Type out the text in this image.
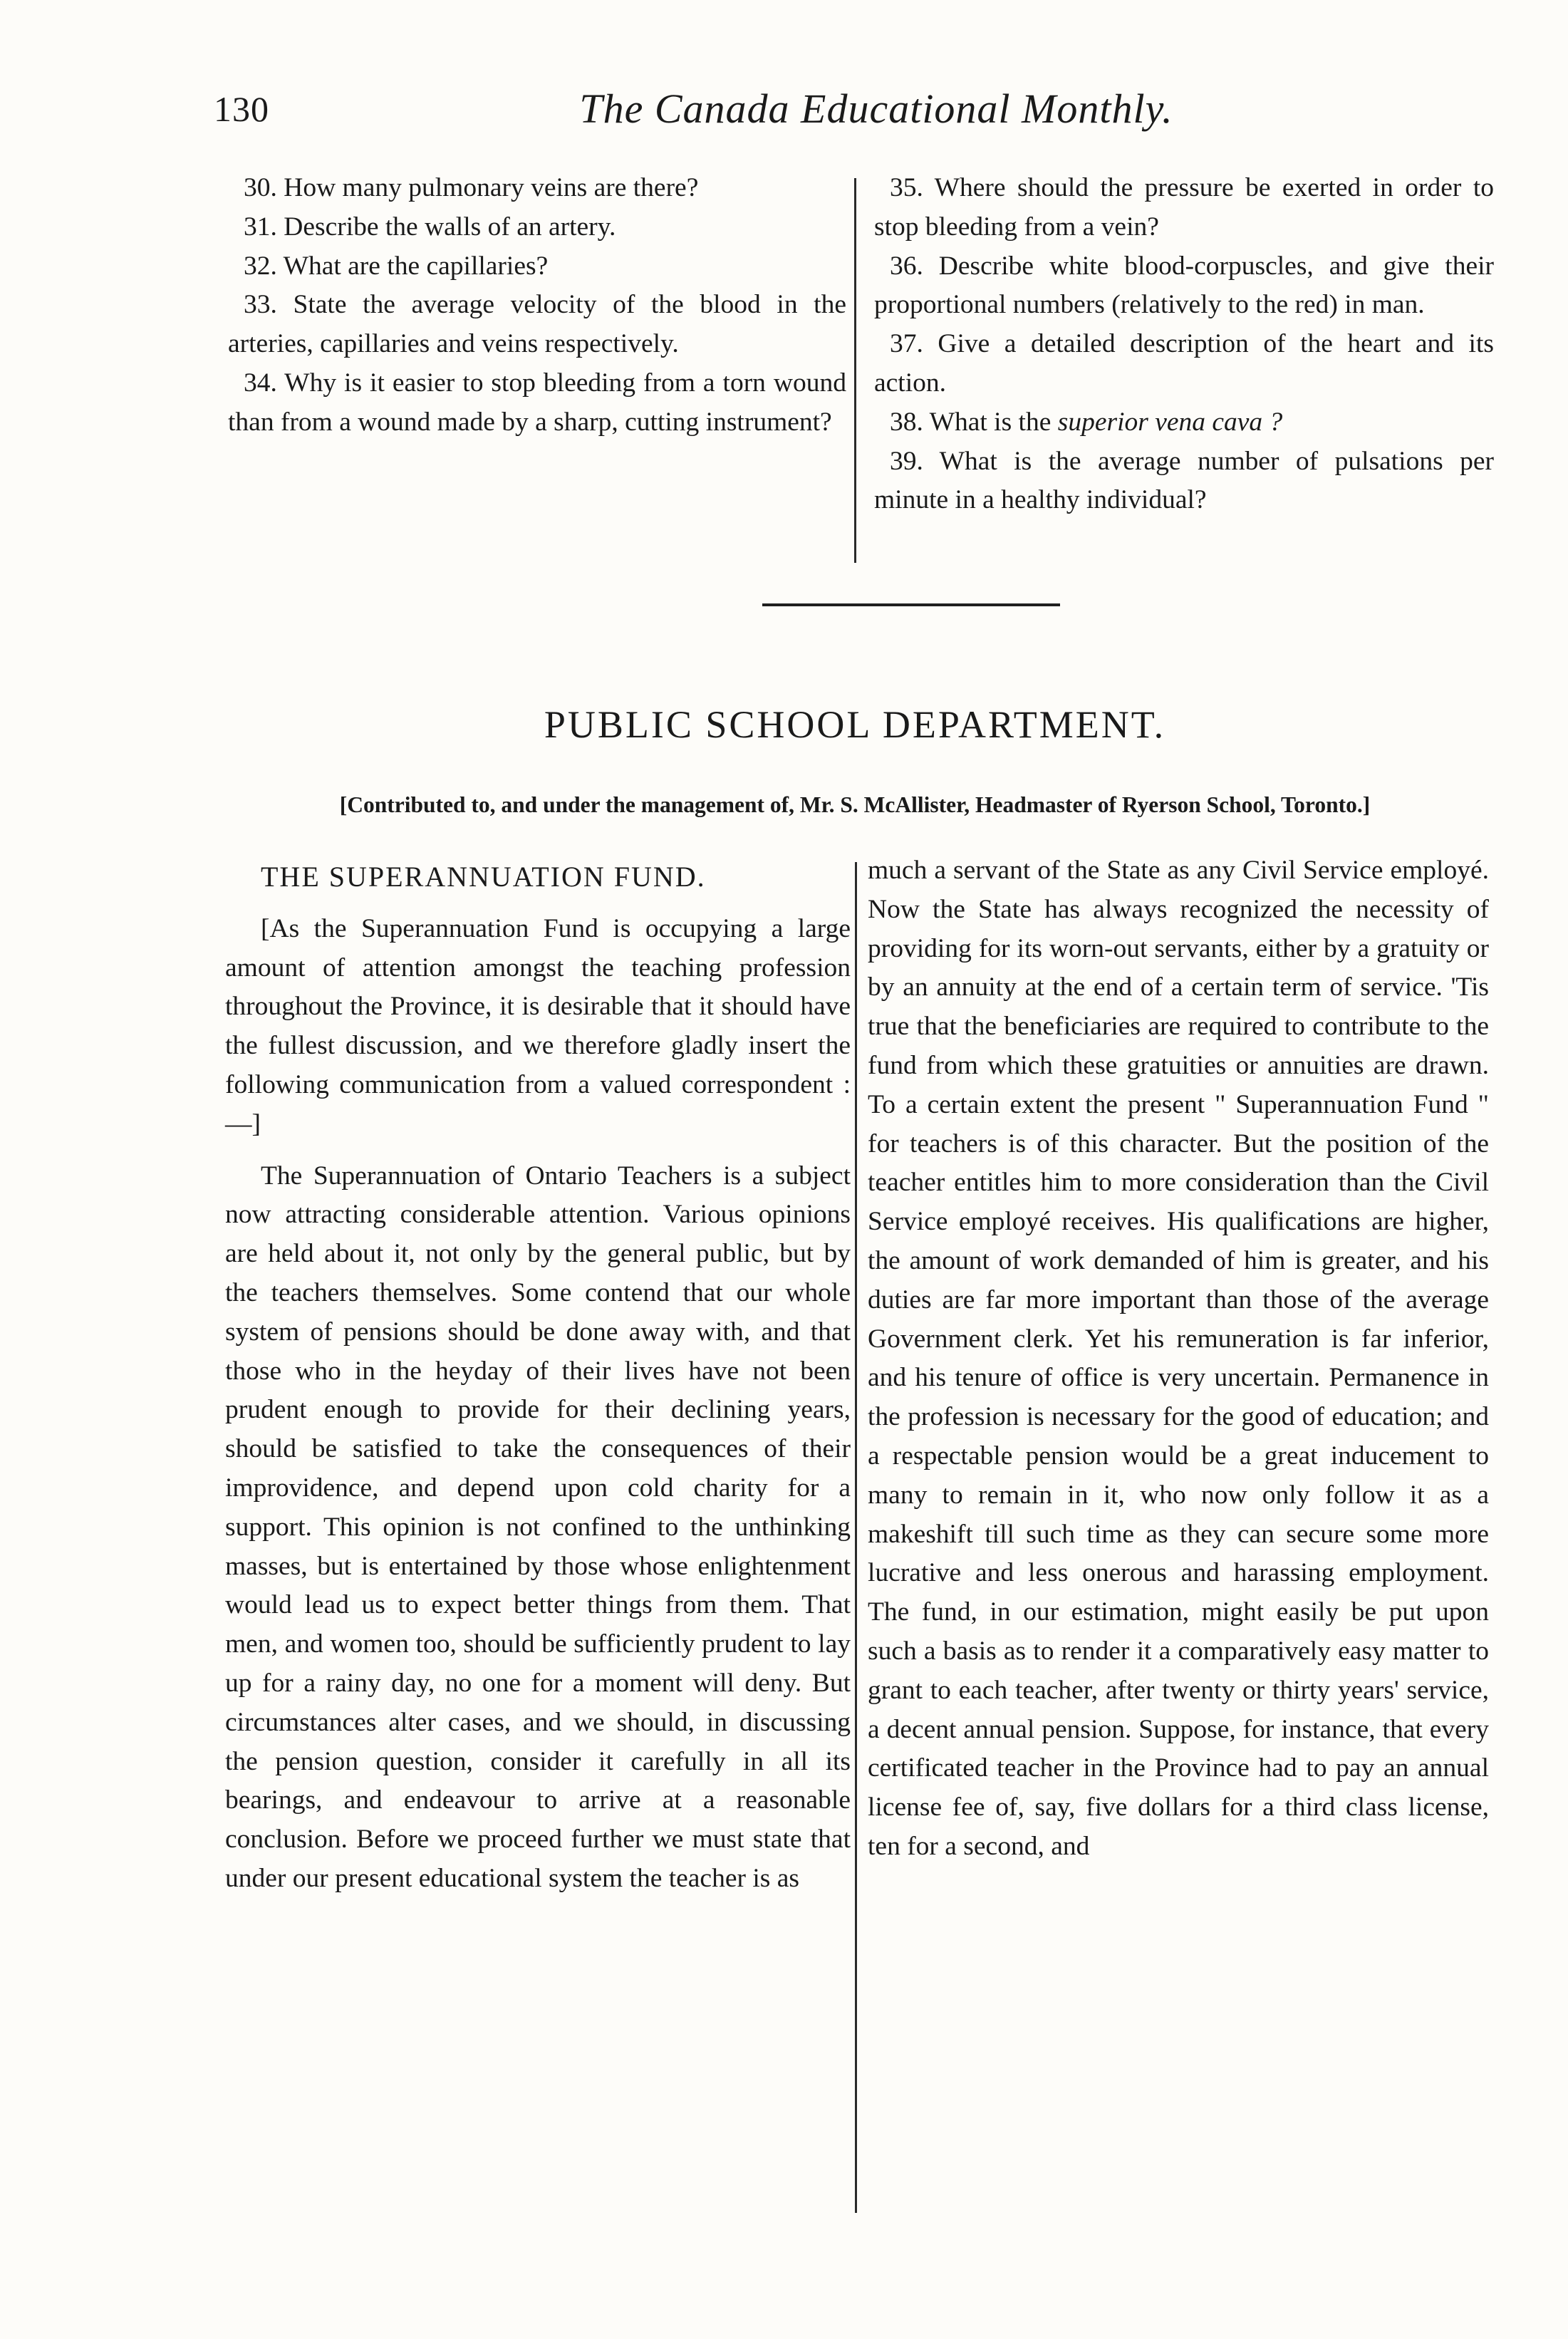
130	The Canada Educational Monthly.

30. How many pulmonary veins are there?

31. Describe the walls of an artery.

32. What are the capillaries?

33. State the average velocity of the blood in the arteries, capillaries and veins respectively.

34. Why is it easier to stop bleeding from a torn wound than from a wound made by a sharp, cutting instrument?

35. Where should the pressure be exerted in order to stop bleeding from a vein?

36. Describe white blood-corpuscles, and give their proportional numbers (relatively to the red) in man.

37. Give a detailed description of the heart and its action.

38. What is the superior vena cava ?

39. What is the average number of pulsations per minute in a healthy individual?

PUBLIC SCHOOL DEPARTMENT.
[Contributed to, and under the management of, Mr. S. McAllister, Headmaster of Ryerson School, Toronto.]

THE SUPERANNUATION FUND.

[As the Superannuation Fund is occupying a large amount of attention amongst the teaching profession throughout the Province, it is desirable that it should have the fullest discussion, and we therefore gladly insert the following communication from a valued correspondent :—]

The Superannuation of Ontario Teachers is a subject now attracting considerable attention. Various opinions are held about it, not only by the general public, but by the teachers themselves. Some contend that our whole system of pensions should be done away with, and that those who in the heyday of their lives have not been prudent enough to provide for their declining years, should be satisfied to take the consequences of their improvidence, and depend upon cold charity for a support. This opinion is not confined to the unthinking masses, but is entertained by those whose enlightenment would lead us to expect better things from them. That men, and women too, should be sufficiently prudent to lay up for a rainy day, no one for a moment will deny. But circumstances alter cases, and we should, in discussing the pension question, consider it carefully in all its bearings, and endeavour to arrive at a reasonable conclusion. Before we proceed further we must state that under our present educational system the teacher is as

much a servant of the State as any Civil Service employé. Now the State has always recognized the necessity of providing for its worn-out servants, either by a gratuity or by an annuity at the end of a certain term of service. 'Tis true that the beneficiaries are required to contribute to the fund from which these gratuities or annuities are drawn. To a certain extent the present " Superannuation Fund " for teachers is of this character. But the position of the teacher entitles him to more consideration than the Civil Service employé receives. His qualifications are higher, the amount of work demanded of him is greater, and his duties are far more important than those of the average Government clerk. Yet his remuneration is far inferior, and his tenure of office is very uncertain. Permanence in the profession is necessary for the good of education; and a respectable pension would be a great inducement to many to remain in it, who now only follow it as a makeshift till such time as they can secure some more lucrative and less onerous and harassing employment. The fund, in our estimation, might easily be put upon such a basis as to render it a comparatively easy matter to grant to each teacher, after twenty or thirty years' service, a decent annual pension. Suppose, for instance, that every certificated teacher in the Province had to pay an annual license fee of, say, five dollars for a third class license, ten for a second, and
